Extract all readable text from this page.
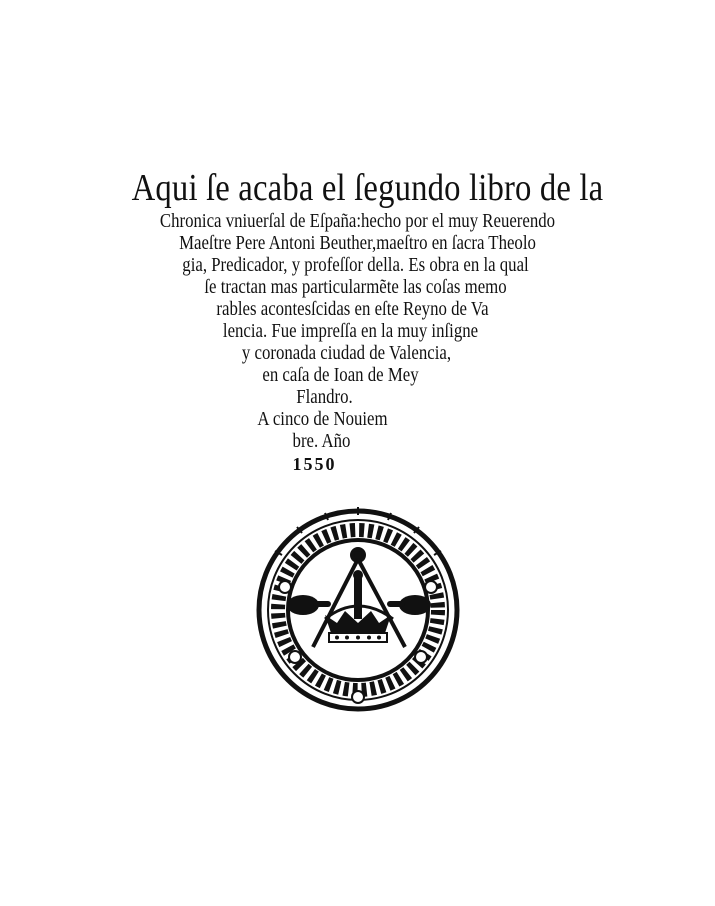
Aqui ſe acaba el ſegundo libro de la
Chronica vniuerſal de Eſpaña:hecho por el muy Reuerendo
Maeſtre Pere Antoni Beuther,maeſtro en ſacra Theolo
gia, Predicador, y profeſſor della. Es obra en la qual
ſe tractan mas particularmẽte las coſas memo
rables acontesſcidas en eſte Reyno de Va
lencia. Fue impreſſa en la muy inſigne
y coronada ciudad de Valencia,
en caſa de Ioan de Mey
Flandro.
A cinco de Nouiem
bre. Año
1550
